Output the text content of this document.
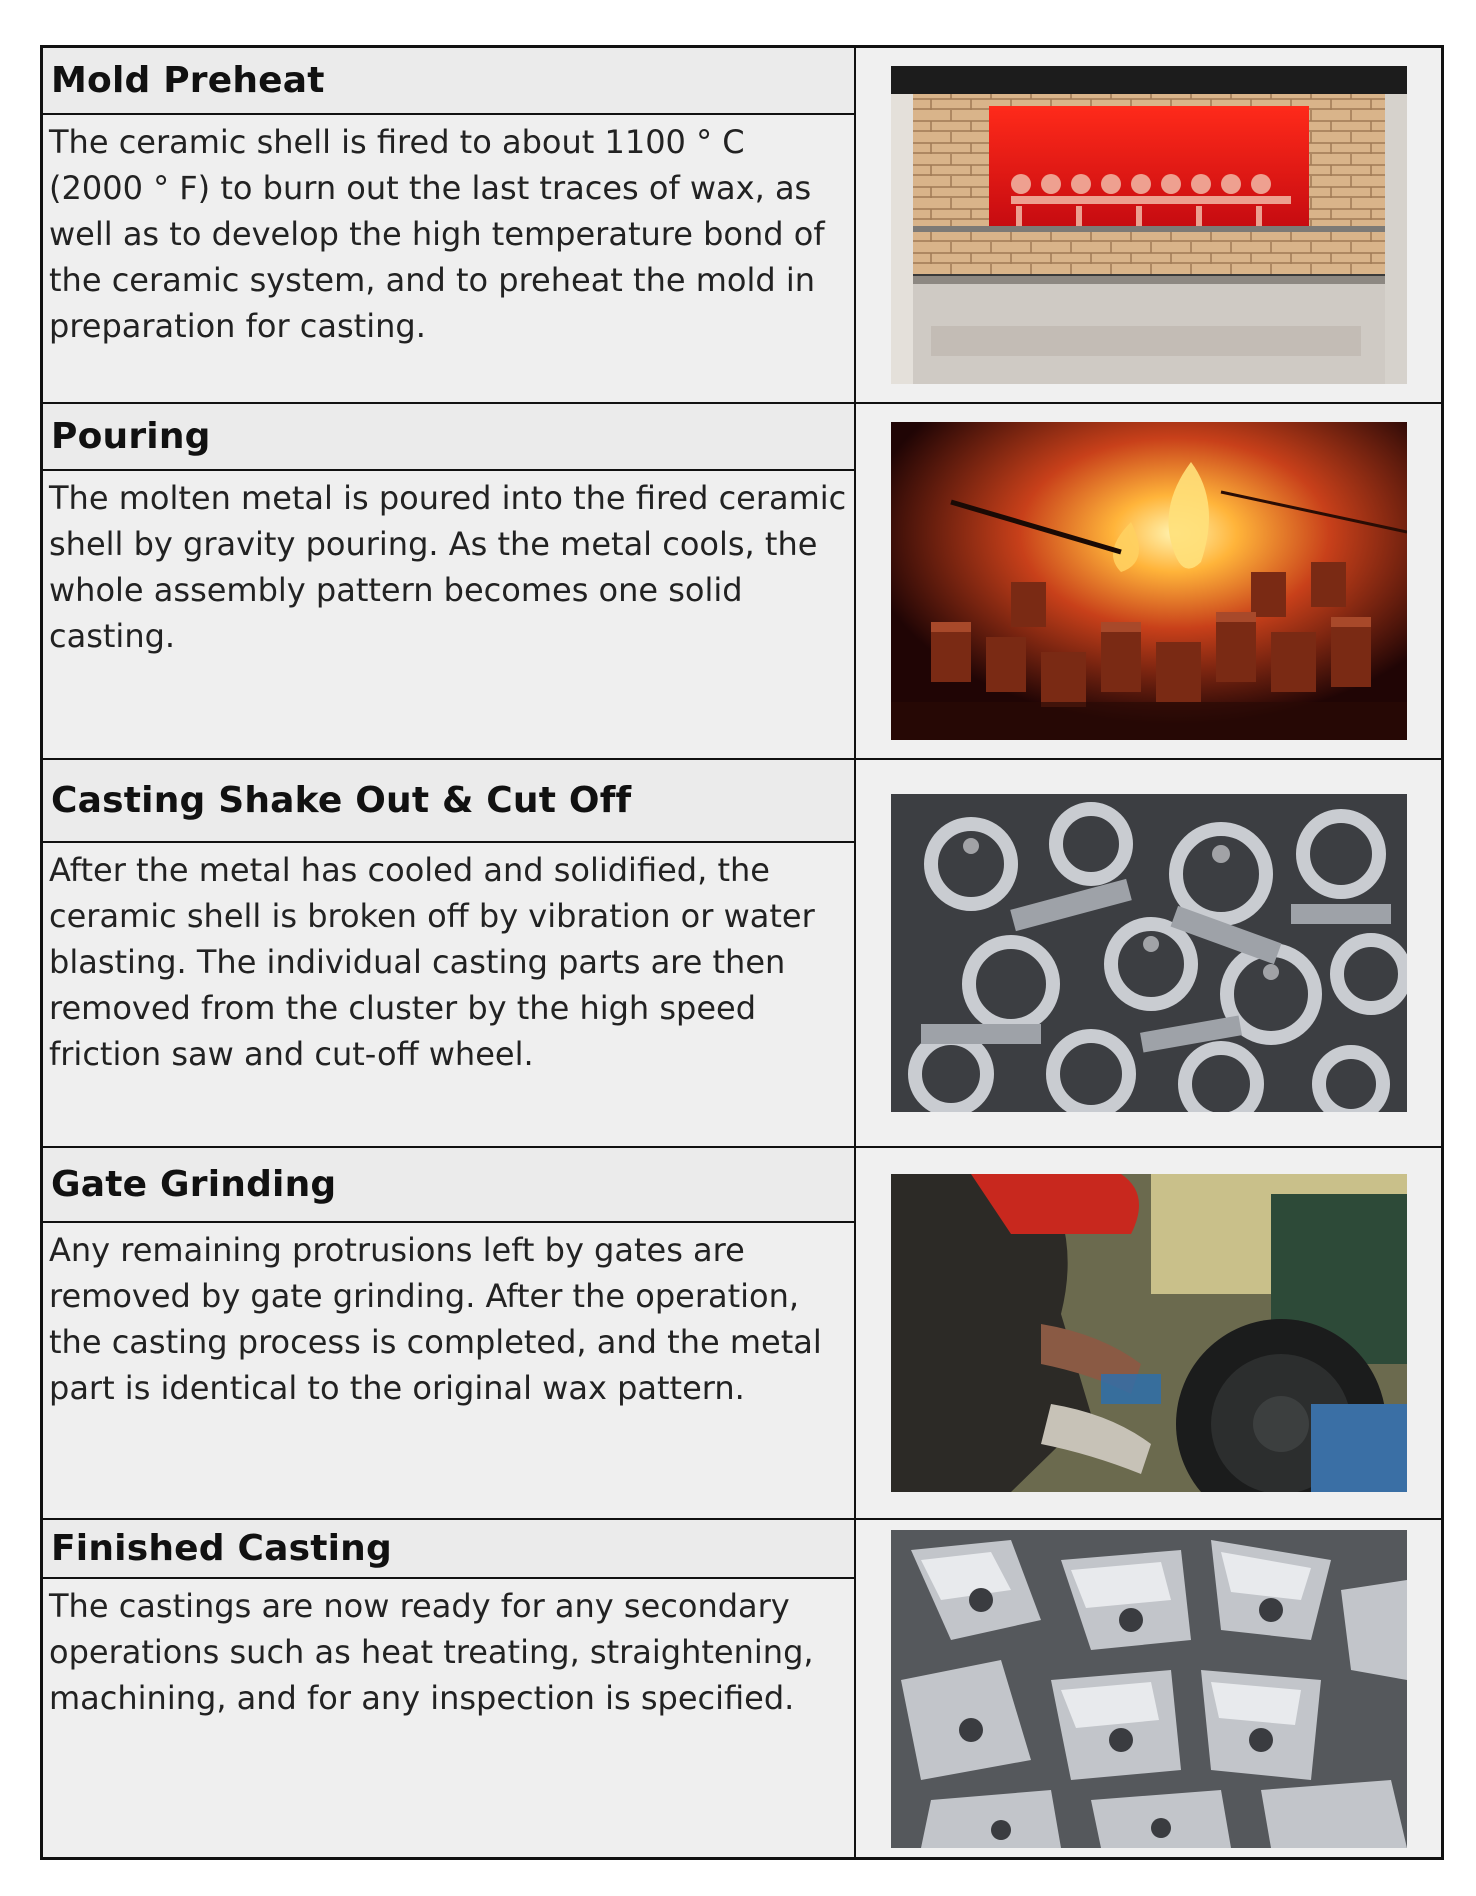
Mold Preheat
The ceramic shell is fired to about 1100 ° C (2000 ° F) to burn out the last traces of wax, as well as to develop the high temperature bond of the ceramic system, and to preheat the mold in preparation for casting.
Pouring
The molten metal is poured into the fired ceramic shell by gravity pouring. As the metal cools, the whole assembly pattern becomes one solid casting.
Casting Shake Out & Cut Off
After the metal has cooled and solidified, the ceramic shell is broken off by vibration or water blasting. The individual casting parts are then removed from the cluster by the high speed friction saw and cut-off wheel.
Gate Grinding
Any remaining protrusions left by gates are removed by gate grinding. After the operation, the casting process is completed, and the metal part is identical to the original wax pattern.
Finished Casting
The castings are now ready for any secondary operations such as heat treating, straightening, machining, and for any inspection is specified.
